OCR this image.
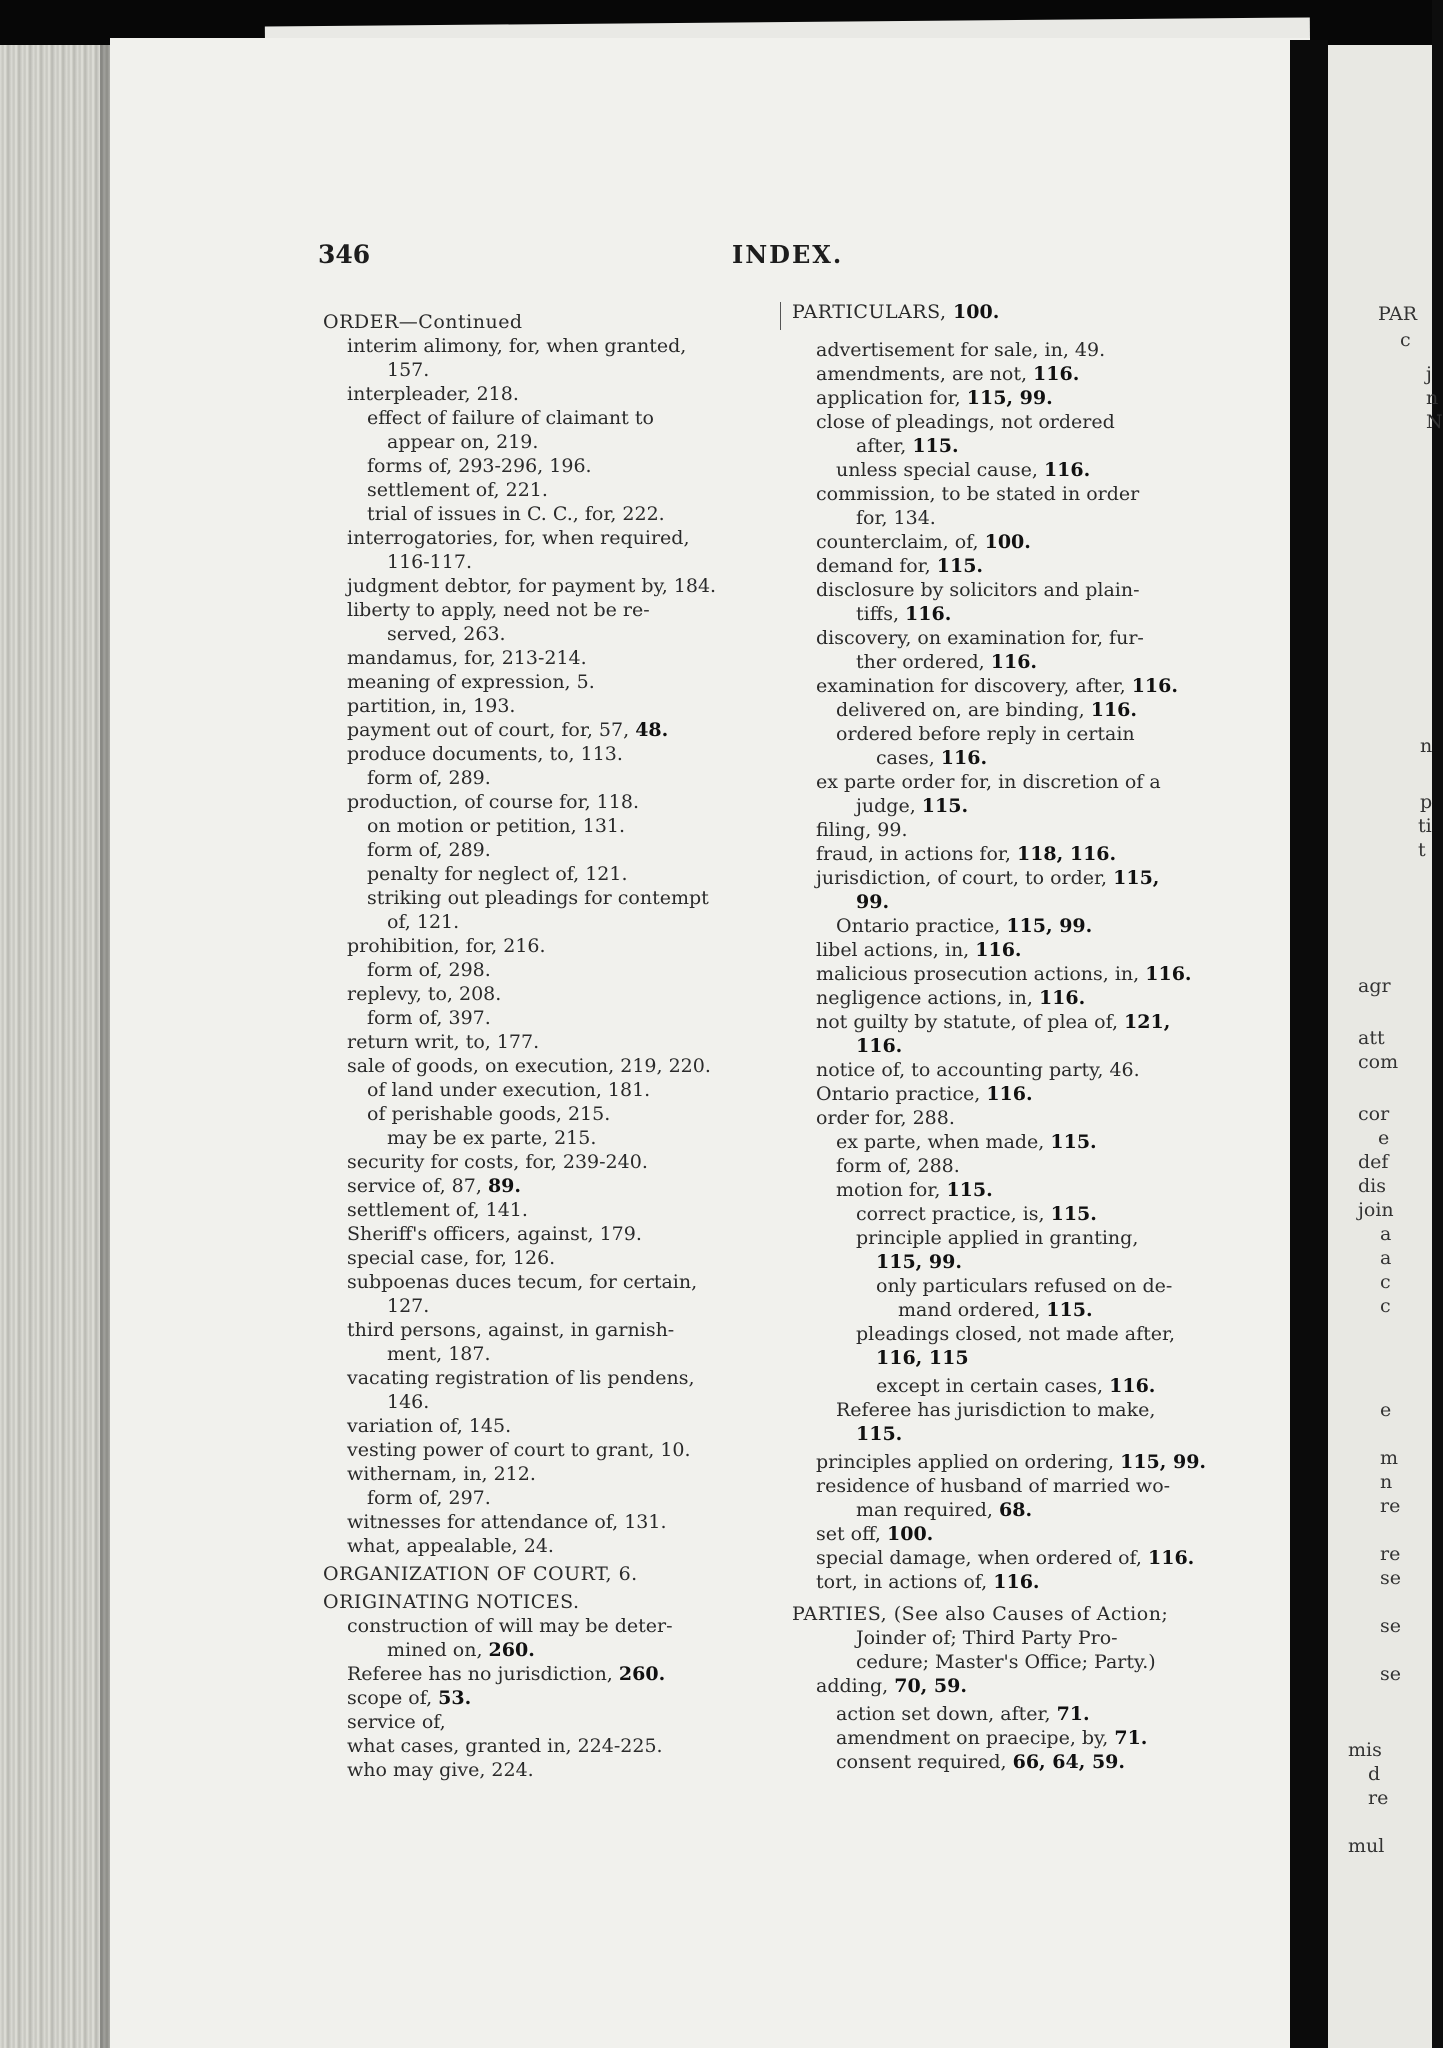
346	INDEX.
ORDER—Continued
interim alimony, for, when granted,
157.
interpleader, 218.
effect of failure of claimant to
appear on, 219.
forms of, 293-296, 196.
settlement of, 221.
trial of issues in C. C., for, 222.
interrogatories, for, when required,
116-117.
judgment debtor, for payment by, 184.
liberty to apply, need not be re-
served, 263.
mandamus, for, 213-214.
meaning of expression, 5.
partition, in, 193.
payment out of court, for, 57, 48.
produce documents, to, 113.
form of, 289.
production, of course for, 118.
on motion or petition, 131.
form of, 289.
penalty for neglect of, 121.
striking out pleadings for contempt
of, 121.
prohibition, for, 216.
form of, 298.
replevy, to, 208.
form of, 397.
return writ, to, 177.
sale of goods, on execution, 219, 220.
of land under execution, 181.
of perishable goods, 215.
may be ex parte, 215.
security for costs, for, 239-240.
service of, 87, 89.
settlement of, 141.
Sheriff's officers, against, 179.
special case, for, 126.
subpoenas duces tecum, for certain,
127.
third persons, against, in garnish-
ment, 187.
vacating registration of lis pendens,
146.
variation of, 145.
vesting power of court to grant, 10.
withernam, in, 212.
form of, 297.
witnesses for attendance of, 131.
what, appealable, 24.
ORGANIZATION OF COURT, 6.
ORIGINATING NOTICES.
construction of will may be deter-
mined on, 260.
Referee has no jurisdiction, 260.
scope of, 53.
service of,
what cases, granted in, 224-225.
who may give, 224.
PARTICULARS, 100.
advertisement for sale, in, 49.
amendments, are not, 116.
application for, 115, 99.
close of pleadings, not ordered
after, 115.
unless special cause, 116.
commission, to be stated in order
for, 134.
counterclaim, of, 100.
demand for, 115.
disclosure by solicitors and plain-
tiffs, 116.
discovery, on examination for, fur-
ther ordered, 116.
examination for discovery, after, 116.
delivered on, are binding, 116.
ordered before reply in certain
cases, 116.
ex parte order for, in discretion of a
judge, 115.
filing, 99.
fraud, in actions for, 118, 116.
jurisdiction, of court, to order, 115,
99.
Ontario practice, 115, 99.
libel actions, in, 116.
malicious prosecution actions, in, 116.
negligence actions, in, 116.
not guilty by statute, of plea of, 121,
116.
notice of, to accounting party, 46.
Ontario practice, 116.
order for, 288.
ex parte, when made, 115.
form of, 288.
motion for, 115.
correct practice, is, 115.
principle applied in granting,
115, 99.
only particulars refused on de-
mand ordered, 115.
pleadings closed, not made after,
116, 115
except in certain cases, 116.
Referee has jurisdiction to make,
115.
principles applied on ordering, 115, 99.
residence of husband of married wo-
man required, 68.
set off, 100.
special damage, when ordered of, 116.
tort, in actions of, 116.
PARTIES, (See also Causes of Action;
Joinder of; Third Party Pro-
cedure; Master's Office; Party.)
adding, 70, 59.
action set down, after, 71.
amendment on praecipe, by, 71.
consent required, 66, 64, 59.
PAR
c
j
n
N
n
p
ti
t
agr
att
com
cor
e
def
dis
join
a
a
c
c
e
m
n
re
re
se
se
se
mis
d
re
mul
